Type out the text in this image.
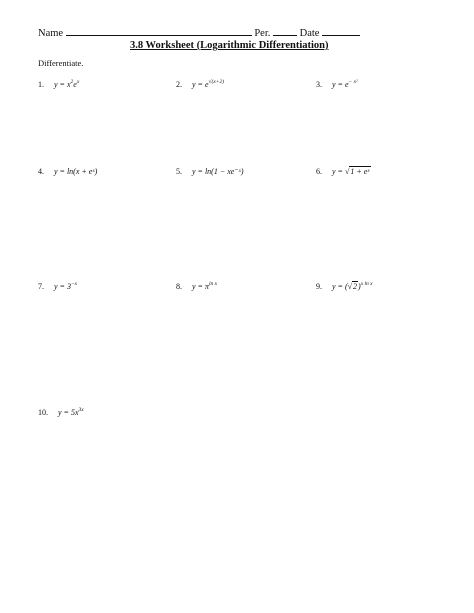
Name	Per.	Date
3.8 Worksheet (Logarithmic Differentiation)
Differentiate.
1. $y = x^2e^x$	2. $y = e^{√(x+2)}$	3. $y = e^{- x^2}$
4. y = ln(x + eˣ)	5. y = ln(1 − xe⁻ˣ)	6. y = √1 + eˣ
7. $y = 3^{-x}$	8. $y = \pi^{ln x}$	9. $y = (√2)^{x ln x}$
10. $y = 5x^{3x}$
